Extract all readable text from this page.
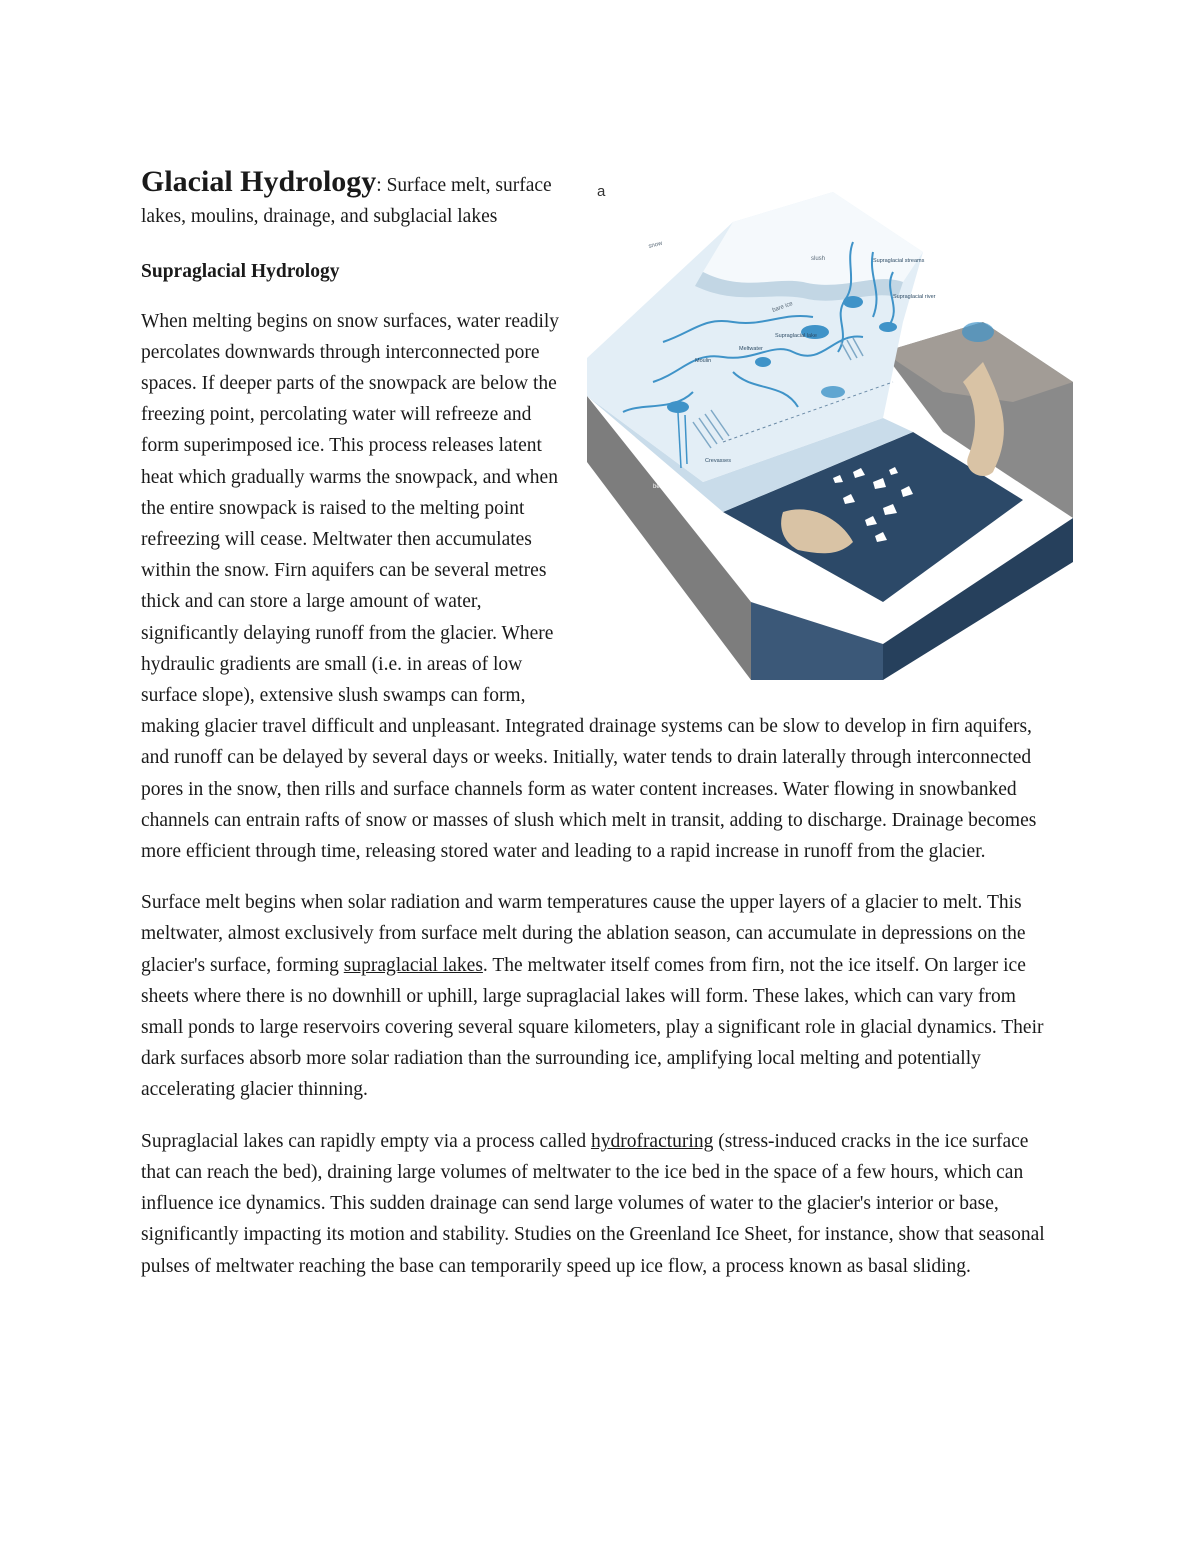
a
snow
slush	Supraglacial streams
Supraglacial river
bare ice
Supraglacial lake
Meltwater
Moulin
Crevasses
bedrock

Glacial Hydrology: Surface melt, surface lakes, moulins, drainage, and subglacial lakes

Supraglacial Hydrology

When melting begins on snow surfaces, water readily percolates downwards through interconnected pore spaces. If deeper parts of the snowpack are below the freezing point, percolating water will refreeze and form superimposed ice. This process releases latent heat which gradually warms the snowpack, and when the entire snowpack is raised to the melting point refreezing will cease. Meltwater then accumulates within the snow. Firn aquifers can be several metres thick and can store a large amount of water, significantly delaying runoff from the glacier. Where hydraulic gradients are small (i.e. in areas of low surface slope), extensive slush swamps can form, making glacier travel difficult and unpleasant. Integrated drainage systems can be slow to develop in firn aquifers, and runoff can be delayed by several days or weeks. Initially, water tends to drain laterally through interconnected pores in the snow, then rills and surface channels form as water content increases. Water flowing in snowbanked channels can entrain rafts of snow or masses of slush which melt in transit, adding to discharge. Drainage becomes more efficient through time, releasing stored water and leading to a rapid increase in runoff from the glacier.

Surface melt begins when solar radiation and warm temperatures cause the upper layers of a glacier to melt. This meltwater, almost exclusively from surface melt during the ablation season, can accumulate in depressions on the glacier's surface, forming supraglacial lakes. The meltwater itself comes from firn, not the ice itself. On larger ice sheets where there is no downhill or uphill, large supraglacial lakes will form. These lakes, which can vary from small ponds to large reservoirs covering several square kilometers, play a significant role in glacial dynamics. Their dark surfaces absorb more solar radiation than the surrounding ice, amplifying local melting and potentially accelerating glacier thinning.

Supraglacial lakes can rapidly empty via a process called hydrofracturing (stress-induced cracks in the ice surface that can reach the bed), draining large volumes of meltwater to the ice bed in the space of a few hours, which can influence ice dynamics. This sudden drainage can send large volumes of water to the glacier's interior or base, significantly impacting its motion and stability. Studies on the Greenland Ice Sheet, for instance, show that seasonal pulses of meltwater reaching the base can temporarily speed up ice flow, a process known as basal sliding.
